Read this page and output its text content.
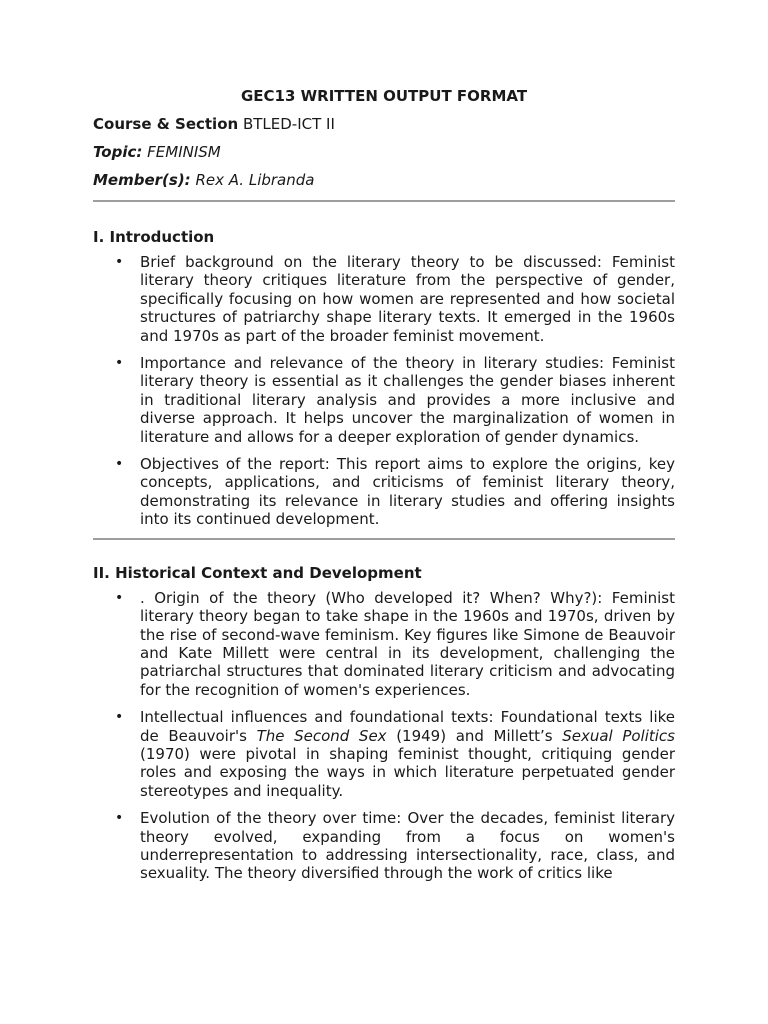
GEC13 WRITTEN OUTPUT FORMAT

Course & Section BTLED-ICT II

Topic: FEMINISM

Member(s): Rex A. Libranda

I. Introduction
• Brief background on the literary theory to be discussed: Feminist literary theory critiques literature from the perspective of gender, specifically focusing on how women are represented and how societal structures of patriarchy shape literary texts. It emerged in the 1960s and 1970s as part of the broader feminist movement.
• Importance and relevance of the theory in literary studies: Feminist literary theory is essential as it challenges the gender biases inherent in traditional literary analysis and provides a more inclusive and diverse approach. It helps uncover the marginalization of women in literature and allows for a deeper exploration of gender dynamics.
• Objectives of the report: This report aims to explore the origins, key concepts, applications, and criticisms of feminist literary theory, demonstrating its relevance in literary studies and offering insights into its continued development.
II. Historical Context and Development
• . Origin of the theory (Who developed it? When? Why?): Feminist literary theory began to take shape in the 1960s and 1970s, driven by the rise of second-wave feminism. Key figures like Simone de Beauvoir and Kate Millett were central in its development, challenging the patriarchal structures that dominated literary criticism and advocating for the recognition of women's experiences.
• Intellectual influences and foundational texts: Foundational texts like de Beauvoir's The Second Sex (1949) and Millett’s Sexual Politics (1970) were pivotal in shaping feminist thought, critiquing gender roles and exposing the ways in which literature perpetuated gender stereotypes and inequality.
• Evolution of the theory over time: Over the decades, feminist literary theory evolved, expanding from a focus on women's underrepresentation to addressing intersectionality, race, class, and sexuality. The theory diversified through the work of critics like
